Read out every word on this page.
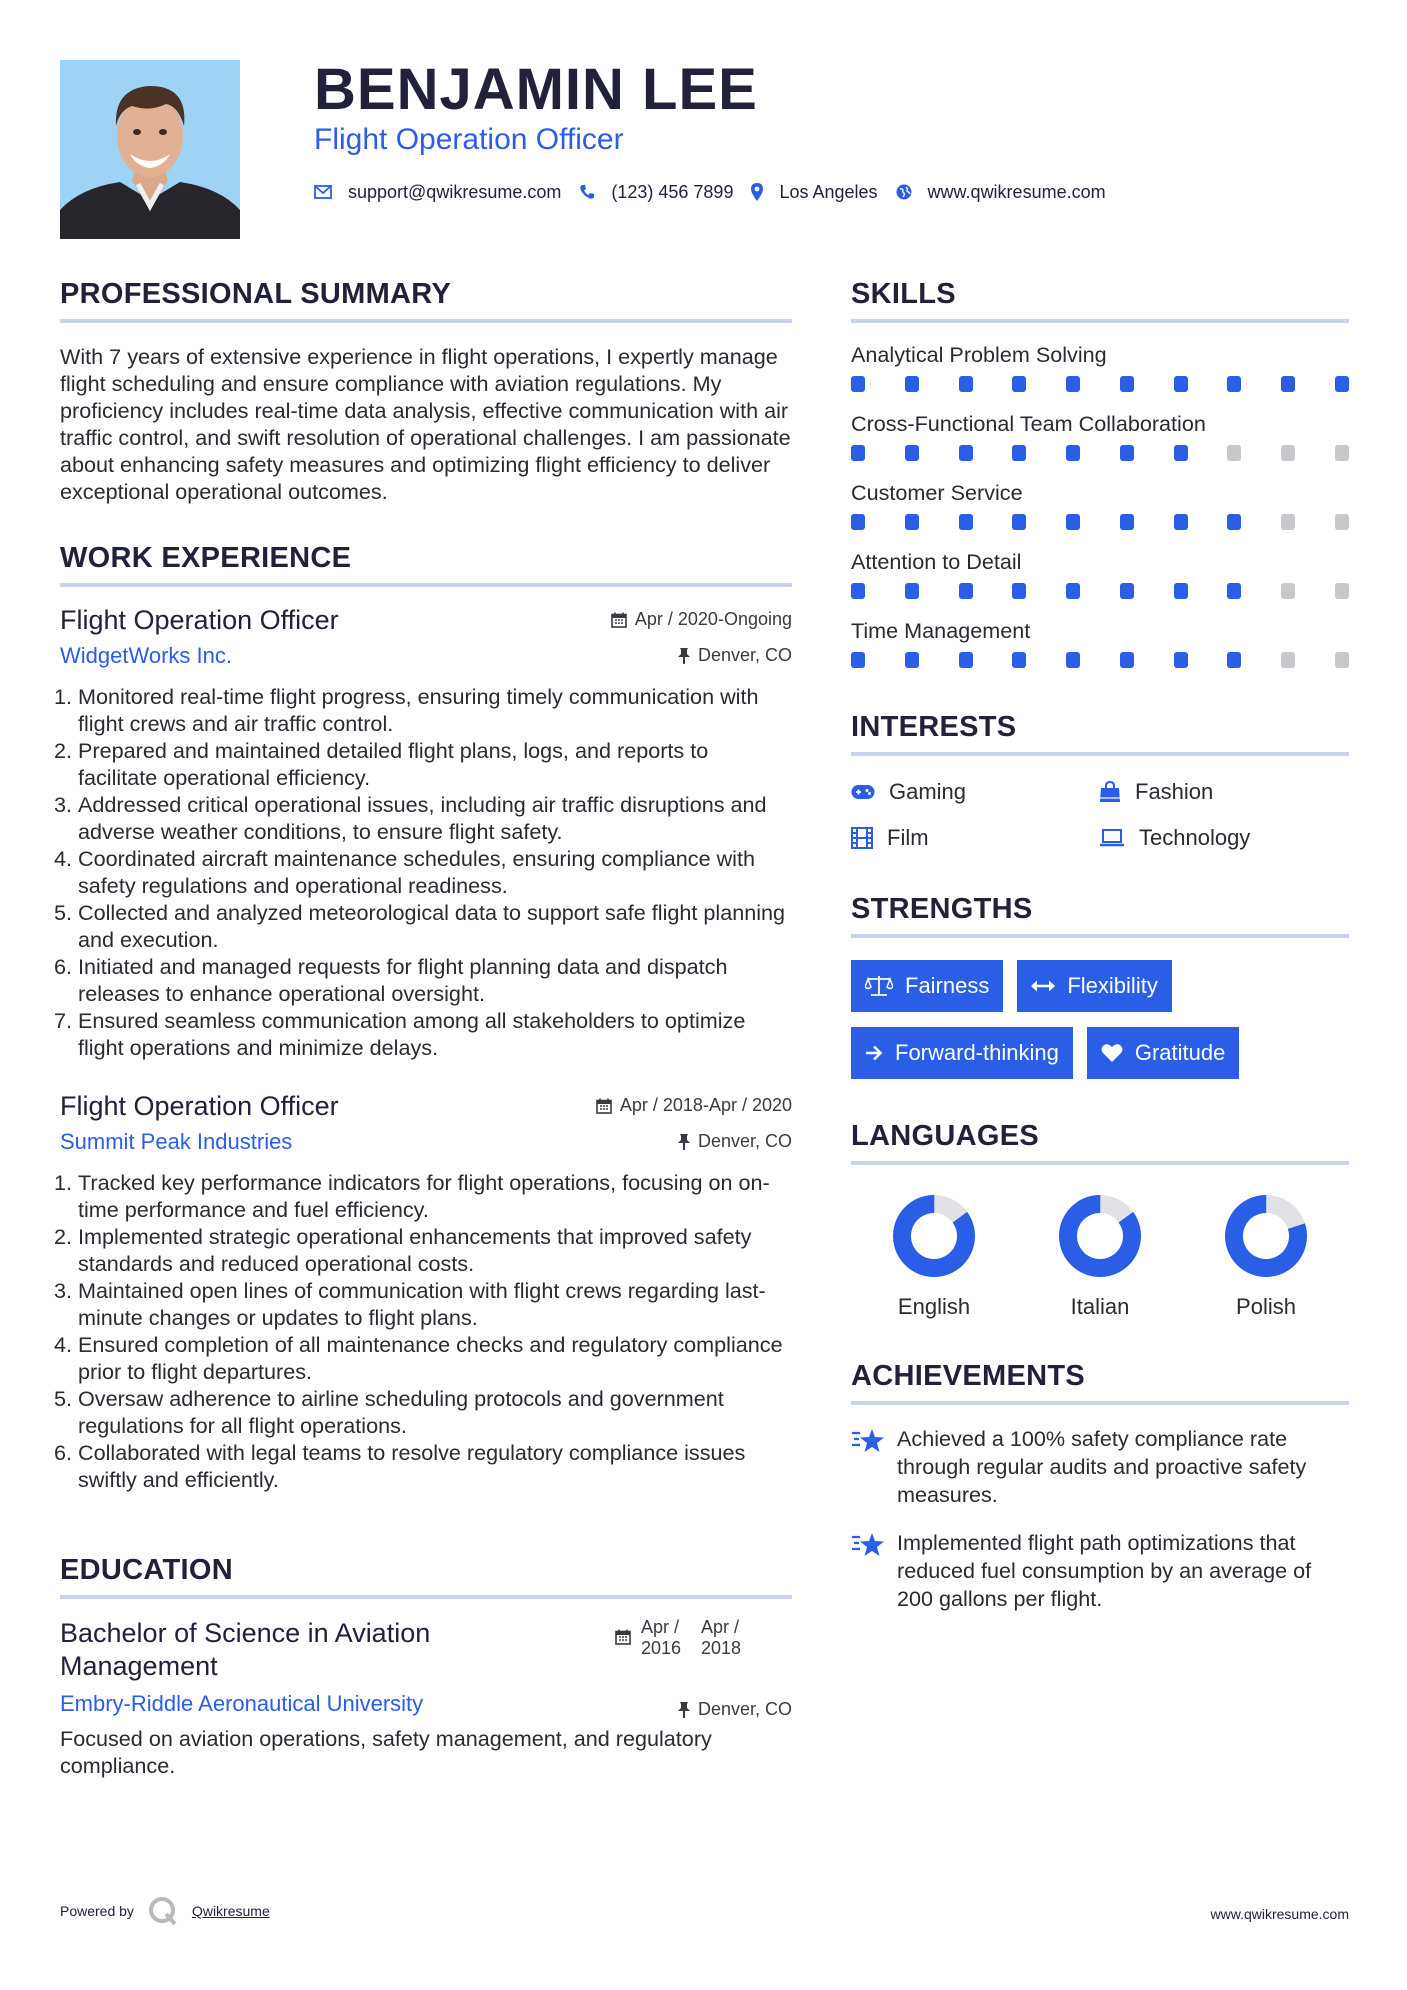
BENJAMIN LEE
Flight Operation Officer
support@qwikresume.com	(123) 456 7899	Los Angeles	www.qwikresume.com
PROFESSIONAL SUMMARY

With 7 years of extensive experience in flight operations, I expertly manage flight scheduling and ensure compliance with aviation regulations. My proficiency includes real-time data analysis, effective communication with air traffic control, and swift resolution of operational challenges. I am passionate about enhancing safety measures and optimizing flight efficiency to deliver exceptional operational outcomes.

WORK EXPERIENCE
Flight Operation Officer
WidgetWorks Inc.
Apr / 2020-Ongoing
Denver, CO
1. Monitored real-time flight progress, ensuring timely communication with flight crews and air traffic control.
2. Prepared and maintained detailed flight plans, logs, and reports to facilitate operational efficiency.
3. Addressed critical operational issues, including air traffic disruptions and adverse weather conditions, to ensure flight safety.
4. Coordinated aircraft maintenance schedules, ensuring compliance with safety regulations and operational readiness.
5. Collected and analyzed meteorological data to support safe flight planning and execution.
6. Initiated and managed requests for flight planning data and dispatch releases to enhance operational oversight.
7. Ensured seamless communication among all stakeholders to optimize flight operations and minimize delays.
Flight Operation Officer
Summit Peak Industries
Apr / 2018-Apr / 2020
Denver, CO
1. Tracked key performance indicators for flight operations, focusing on on-time performance and fuel efficiency.
2. Implemented strategic operational enhancements that improved safety standards and reduced operational costs.
3. Maintained open lines of communication with flight crews regarding last-minute changes or updates to flight plans.
4. Ensured completion of all maintenance checks and regulatory compliance prior to flight departures.
5. Oversaw adherence to airline scheduling protocols and government regulations for all flight operations.
6. Collaborated with legal teams to resolve regulatory compliance issues swiftly and efficiently.
EDUCATION
Bachelor of Science in Aviation Management
Apr /
2016
Apr /
2018
Embry-Riddle Aeronautical University	Denver, CO

Focused on aviation operations, safety management, and regulatory compliance.

SKILLS
Analytical Problem Solving
Cross-Functional Team Collaboration
Customer Service
Attention to Detail
Time Management
INTERESTS
Gaming	Fashion
Film	Technology
STRENGTHS
Fairness	Flexibility
Forward-thinking	Gratitude
LANGUAGES
English	Italian	Polish
ACHIEVEMENTS
Achieved a 100% safety compliance rate through regular audits and proactive safety measures.
Implemented flight path optimizations that reduced fuel consumption by an average of 200 gallons per flight.
Powered by	Qwikresume	www.qwikresume.com
